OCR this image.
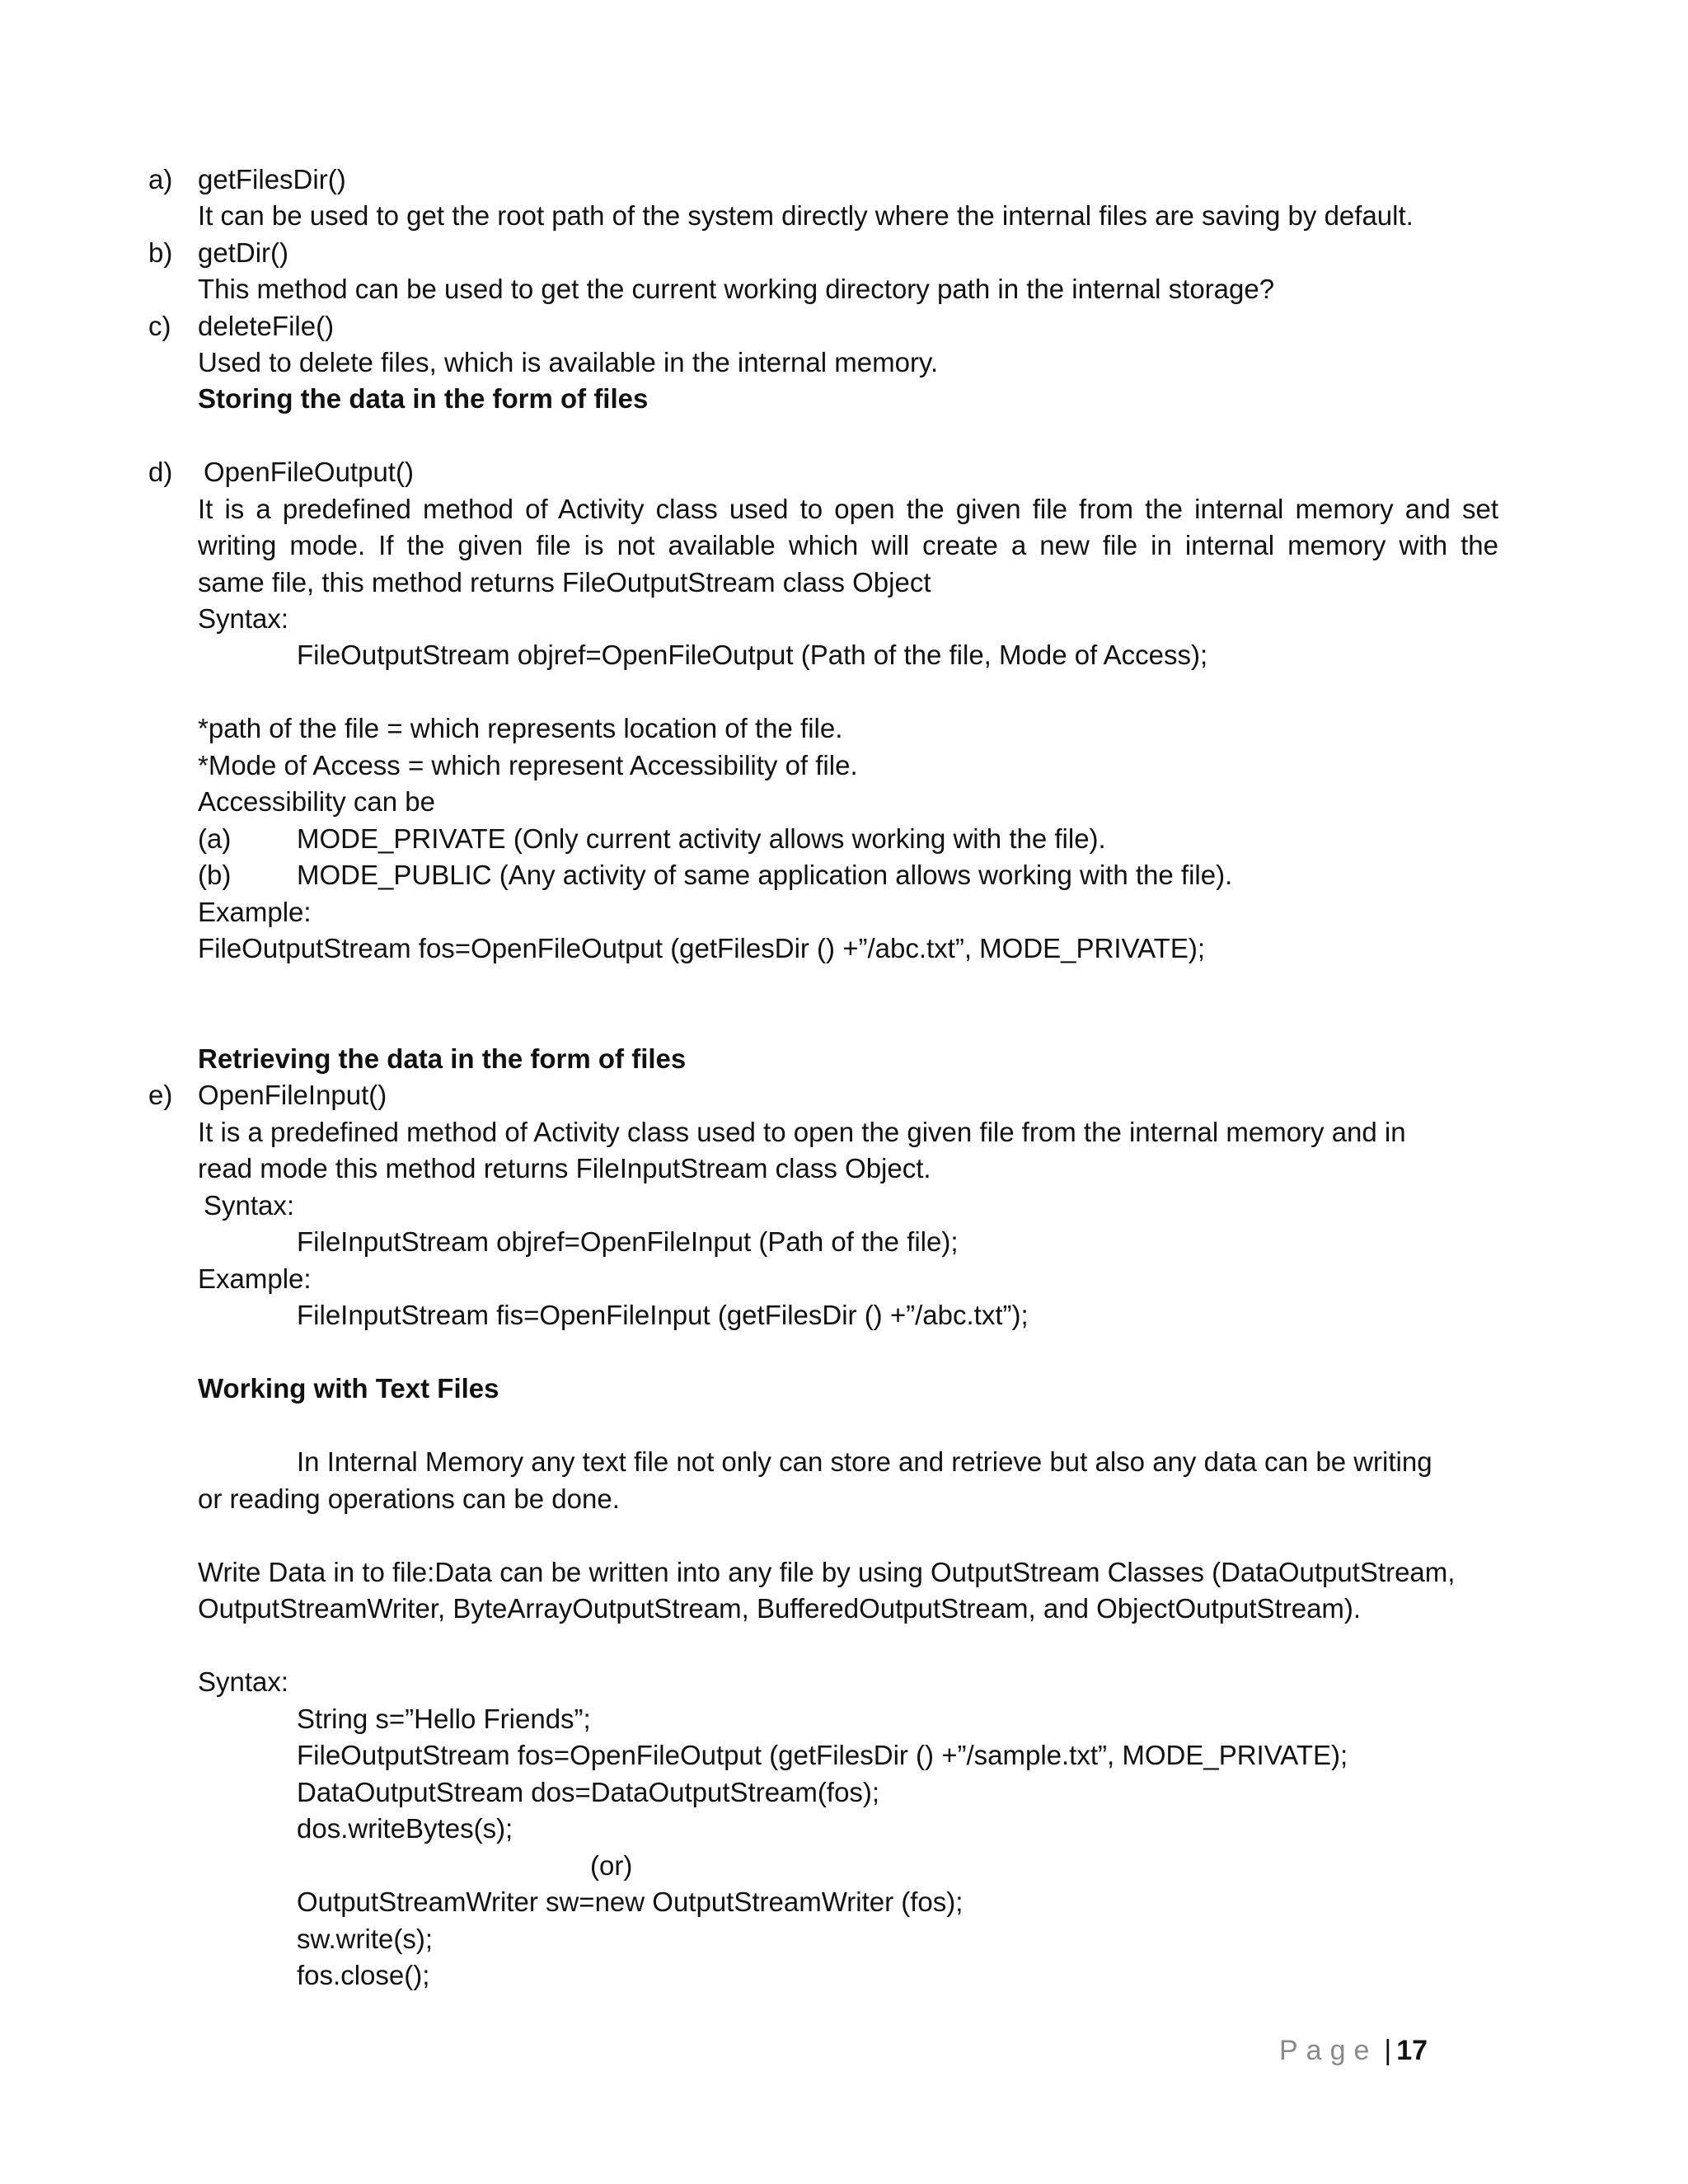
a) getFilesDir()
It can be used to get the root path of the system directly where the internal files are saving by default.
b) getDir()
This method can be used to get the current working directory path in the internal storage?
c) deleteFile()
Used to delete files, which is available in the internal memory.
Storing the data in the form of files
d) OpenFileOutput()
It is a predefined method of Activity class used to open the given file from the internal memory and set
writing mode. If the given file is not available which will create a new file in internal memory with the
same file, this method returns FileOutputStream class Object
Syntax:
FileOutputStream objref=OpenFileOutput (Path of the file, Mode of Access);
*path of the file = which represents location of the file.
*Mode of Access = which represent Accessibility of file.
Accessibility can be
(a) MODE_PRIVATE (Only current activity allows working with the file).
(b) MODE_PUBLIC (Any activity of same application allows working with the file).
Example:
FileOutputStream fos=OpenFileOutput (getFilesDir () +”/abc.txt”, MODE_PRIVATE);
Retrieving the data in the form of files
e) OpenFileInput()
It is a predefined method of Activity class used to open the given file from the internal memory and in
read mode this method returns FileInputStream class Object.
Syntax:
FileInputStream objref=OpenFileInput (Path of the file);
Example:
FileInputStream fis=OpenFileInput (getFilesDir () +”/abc.txt”);
Working with Text Files
In Internal Memory any text file not only can store and retrieve but also any data can be writing
or reading operations can be done.
Write Data in to file:Data can be written into any file by using OutputStream Classes (DataOutputStream,
OutputStreamWriter, ByteArrayOutputStream, BufferedOutputStream, and ObjectOutputStream).
Syntax:
String s=”Hello Friends”;
FileOutputStream fos=OpenFileOutput (getFilesDir () +”/sample.txt”, MODE_PRIVATE);
DataOutputStream dos=DataOutputStream(fos);
dos.writeBytes(s);
(or)
OutputStreamWriter sw=new OutputStreamWriter (fos);
sw.write(s);
fos.close();
Page | 17
